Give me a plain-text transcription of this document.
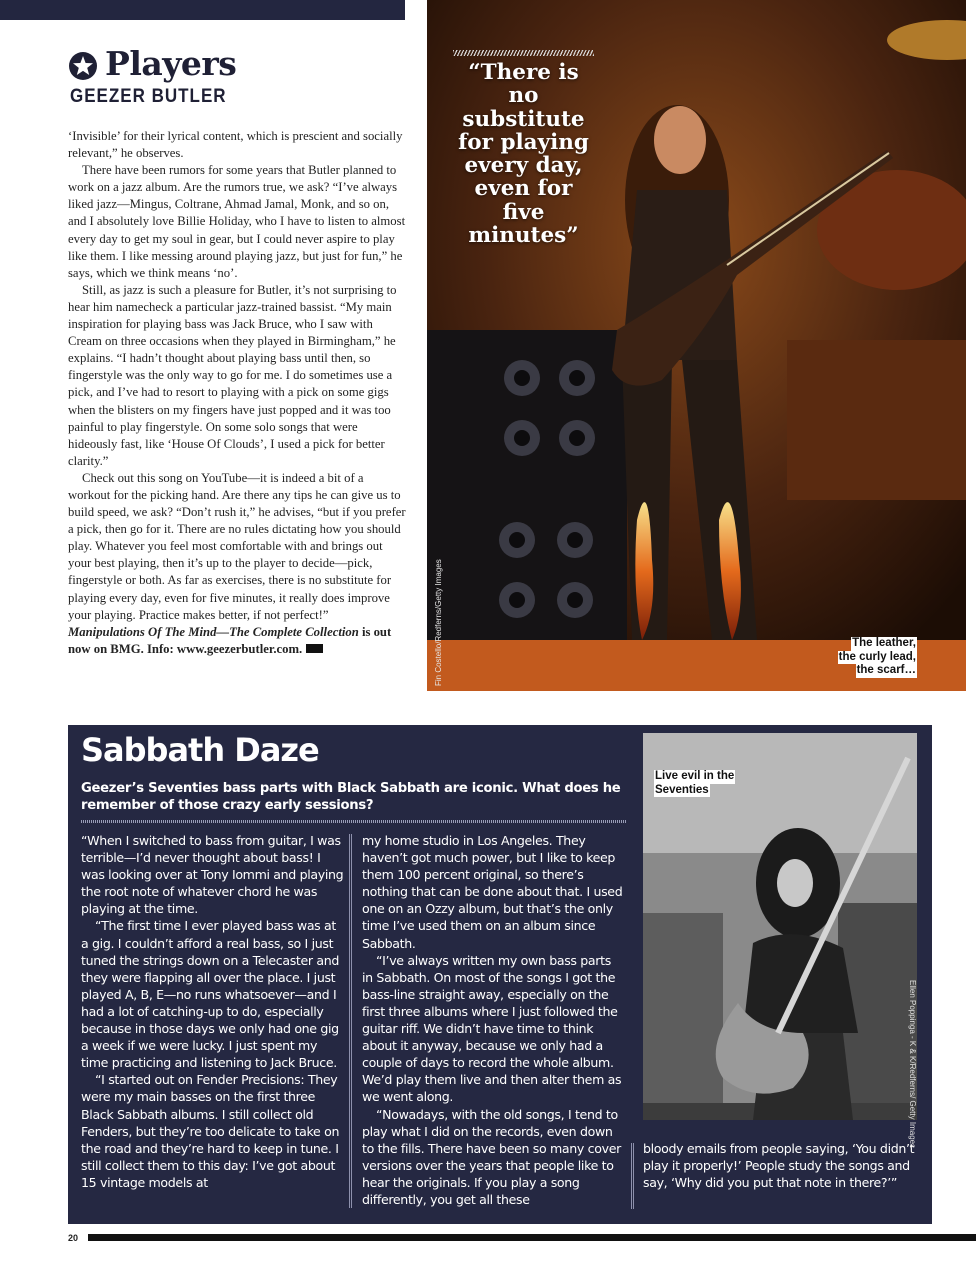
Players
GEEZER BUTLER

‘Invisible’ for their lyrical content, which is prescient and socially relevant,” he observes.

There have been rumors for some years that Butler planned to work on a jazz album. Are the rumors true, we ask? “I’ve always liked jazz—Mingus, Coltrane, Ahmad Jamal, Monk, and so on, and I absolutely love Billie Holiday, who I have to listen to almost every day to get my soul in gear, but I could never aspire to play like them. I like messing around playing jazz, but just for fun,” he says, which we think means ‘no’.

Still, as jazz is such a pleasure for Butler, it’s not surprising to hear him namecheck a particular jazz-trained bassist. “My main inspiration for playing bass was Jack Bruce, who I saw with Cream on three occasions when they played in Birmingham,” he explains. “I hadn’t thought about playing bass until then, so fingerstyle was the only way to go for me. I do sometimes use a pick, and I’ve had to resort to playing with a pick on some gigs when the blisters on my fingers have just popped and it was too painful to play fingerstyle. On some solo songs that were hideously fast, like ‘House Of Clouds’, I used a pick for better clarity.”

Check out this song on YouTube—it is indeed a bit of a workout for the picking hand. Are there any tips he can give us to build speed, we ask? “Don’t rush it,” he advises, “but if you prefer a pick, then go for it. There are no rules dictating how you should play. Whatever you feel most comfortable with and brings out your best playing, then it’s up to the player to decide—pick, fingerstyle or both. As far as exercises, there is no substitute for playing every day, even for five minutes, it really does improve your playing. Practice makes better, if not perfect!”

Manipulations Of The Mind—The Complete Collection is out now on BMG. Info: www.geezerbutler.com.

“There is no substitute for playing every day, even for five minutes”
Fin Costello/Redferns/Getty Images	The leather,
the curly lead,
the scarf…
Sabbath Daze
Geezer’s Seventies bass parts with Black Sabbath are iconic. What does he remember of those crazy early sessions?

“When I switched to bass from guitar, I was terrible—I’d never thought about bass! I was looking over at Tony Iommi and playing the root note of whatever chord he was playing at the time.

“The first time I ever played bass was at a gig. I couldn’t afford a real bass, so I just tuned the strings down on a Telecaster and they were flapping all over the place. I just played A, B, E—no runs whatsoever—and I had a lot of catching-up to do, especially because in those days we only had one gig a week if we were lucky. I just spent my time practicing and listening to Jack Bruce.

“I started out on Fender Precisions: They were my main basses on the first three Black Sabbath albums. I still collect old Fenders, but they’re too delicate to take on the road and they’re hard to keep in tune. I still collect them to this day: I’ve got about 15 vintage models at

my home studio in Los Angeles. They haven’t got much power, but I like to keep them 100 percent original, so there’s nothing that can be done about that. I used one on an Ozzy album, but that’s the only time I’ve used them on an album since Sabbath.

“I’ve always written my own bass parts in Sabbath. On most of the songs I got the bass-line straight away, especially on the first three albums where I just followed the guitar riff. We didn’t have time to think about it anyway, because we only had a couple of days to record the whole album. We’d play them live and then alter them as we went along.

“Nowadays, with the old songs, I tend to play what I did on the records, even down to the fills. There have been so many cover versions over the years that people like to hear the originals. If you play a song differently, you get all these

bloody emails from people saying, ‘You didn’t play it properly!’ People study the songs and say, ‘Why did you put that note in there?’”

Live evil in the
Seventies
Ellen Poppinga - K & K/Redferns/ Getty Images
20
